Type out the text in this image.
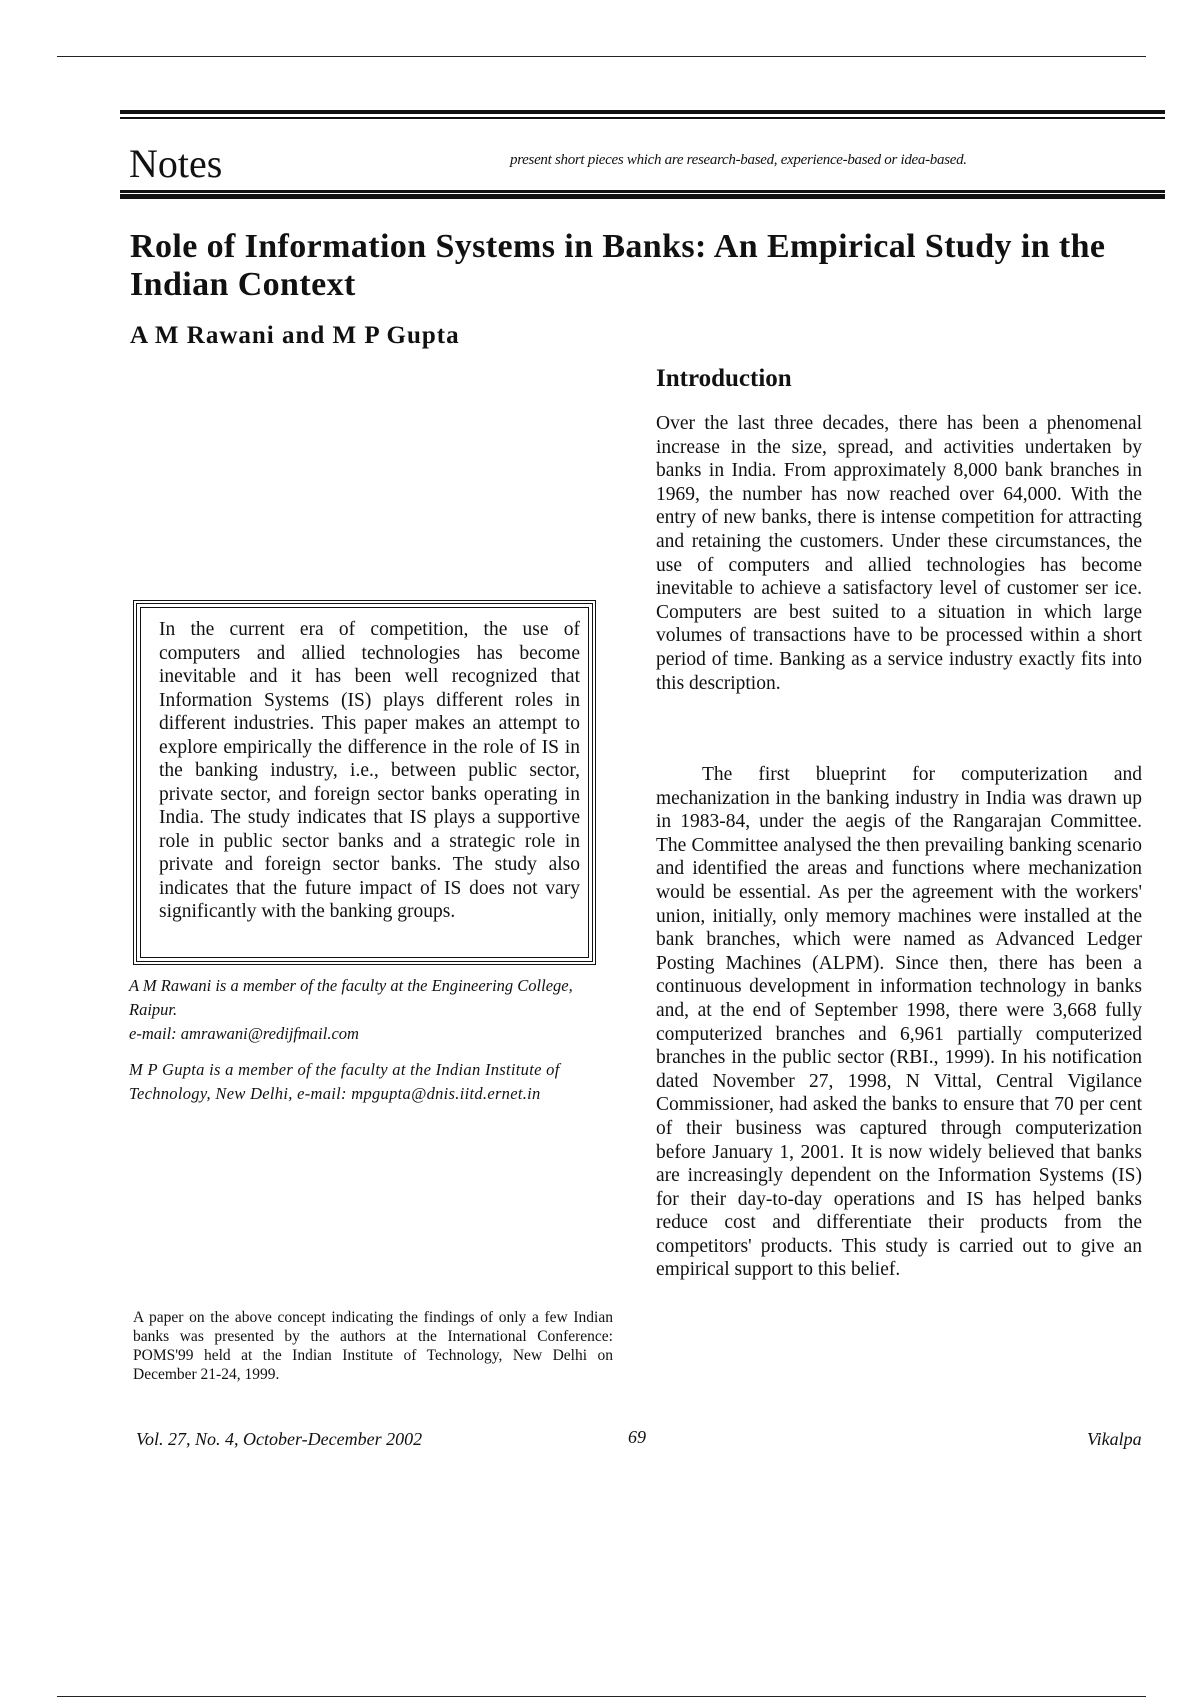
Notes	present short pieces which are research-based, experience-based or idea-based.
Role of Information Systems in Banks: An Empirical Study in the Indian Context
A M Rawani and M P Gupta

In the current era of competition, the use of computers and allied technologies has become inevitable and it has been well recognized that Information Systems (IS) plays different roles in different industries. This paper makes an attempt to explore empirically the difference in the role of IS in the banking industry, i.e., between public sector, private sector, and foreign sector banks operating in India. The study indicates that IS plays a supportive role in public sector banks and a strategic role in private and foreign sector banks. The study also indicates that the future impact of IS does not vary significantly with the banking groups.

A M Rawani is a member of the faculty at the Engineering College, Raipur.

e-mail: amrawani@redijfmail.com

M P Gupta is a member of the faculty at the Indian Institute of Technology, New Delhi, e-mail: mpgupta@dnis.iitd.ernet.in

A paper on the above concept indicating the findings of only a few Indian banks was presented by the authors at the International Conference: POMS'99 held at the Indian Institute of Technology, New Delhi on December 21-24, 1999.

Introduction

Over the last three decades, there has been a phenomenal increase in the size, spread, and activities undertaken by banks in India. From approximately 8,000 bank branches in 1969, the number has now reached over 64,000. With the entry of new banks, there is intense competition for attracting and retaining the customers. Under these circumstances, the use of computers and allied technologies has become inevitable to achieve a satisfactory level of customer ser ice. Computers are best suited to a situation in which large volumes of transactions have to be processed within a short period of time. Banking as a service industry exactly fits into this description.

The first blueprint for computerization and mechanization in the banking industry in India was drawn up in 1983-84, under the aegis of the Rangarajan Committee. The Committee analysed the then prevailing banking scenario and identified the areas and functions where mechanization would be essential. As per the agreement with the workers' union, initially, only memory machines were installed at the bank branches, which were named as Advanced Ledger Posting Machines (ALPM). Since then, there has been a continuous development in information technology in banks and, at the end of September 1998, there were 3,668 fully computerized branches and 6,961 partially computerized branches in the public sector (RBI., 1999). In his notification dated November 27, 1998, N Vittal, Central Vigilance Commissioner, had asked the banks to ensure that 70 per cent of their business was captured through computerization before January 1, 2001. It is now widely believed that banks are increasingly dependent on the Information Systems (IS) for their day-to-day operations and IS has helped banks reduce cost and differentiate their products from the competitors' products. This study is carried out to give an empirical support to this belief.

Vol. 27, No. 4, October-December 2002	69	Vikalpa
